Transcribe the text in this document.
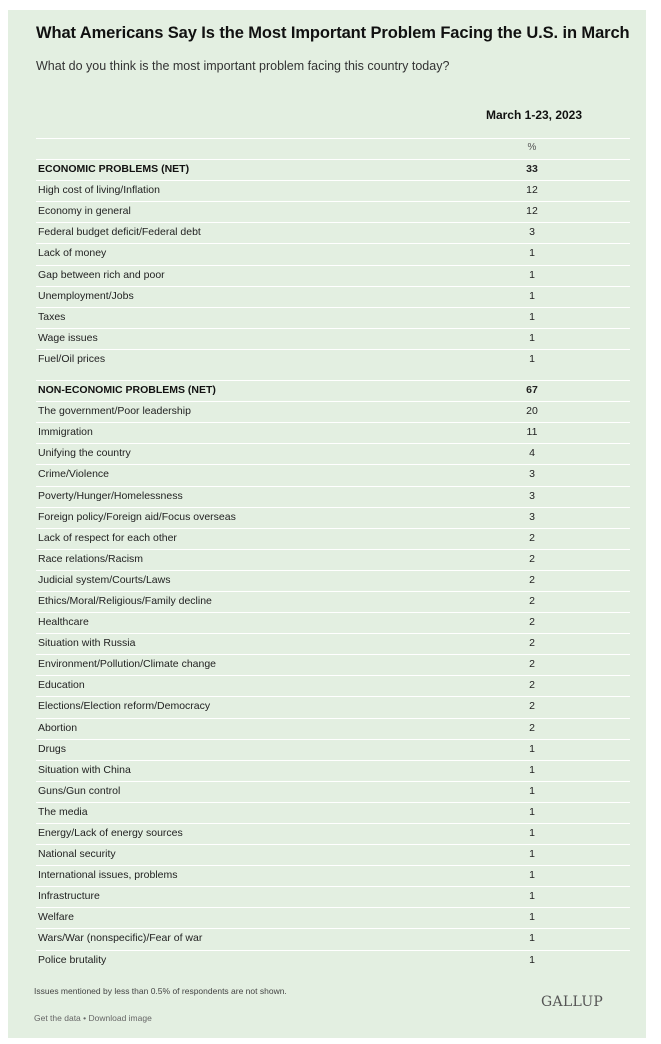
What Americans Say Is the Most Important Problem Facing the U.S. in March

What do you think is the most important problem facing this country today?

March 1-23, 2023
%
ECONOMIC PROBLEMS (NET)	33
High cost of living/Inflation	12
Economy in general	12
Federal budget deficit/Federal debt	3
Lack of money	1
Gap between rich and poor	1
Unemployment/Jobs	1
Taxes	1
Wage issues	1
Fuel/Oil prices	1
NON-ECONOMIC PROBLEMS (NET)	67
The government/Poor leadership	20
Immigration	11
Unifying the country	4
Crime/Violence	3
Poverty/Hunger/Homelessness	3
Foreign policy/Foreign aid/Focus overseas	3
Lack of respect for each other	2
Race relations/Racism	2
Judicial system/Courts/Laws	2
Ethics/Moral/Religious/Family decline	2
Healthcare	2
Situation with Russia	2
Environment/Pollution/Climate change	2
Education	2
Elections/Election reform/Democracy	2
Abortion	2
Drugs	1
Situation with China	1
Guns/Gun control	1
The media	1
Energy/Lack of energy sources	1
National security	1
International issues, problems	1
Infrastructure	1
Welfare	1
Wars/War (nonspecific)/Fear of war	1
Police brutality	1
Issues mentioned by less than 0.5% of respondents are not shown.
GALLUP
Get the data • Download image
